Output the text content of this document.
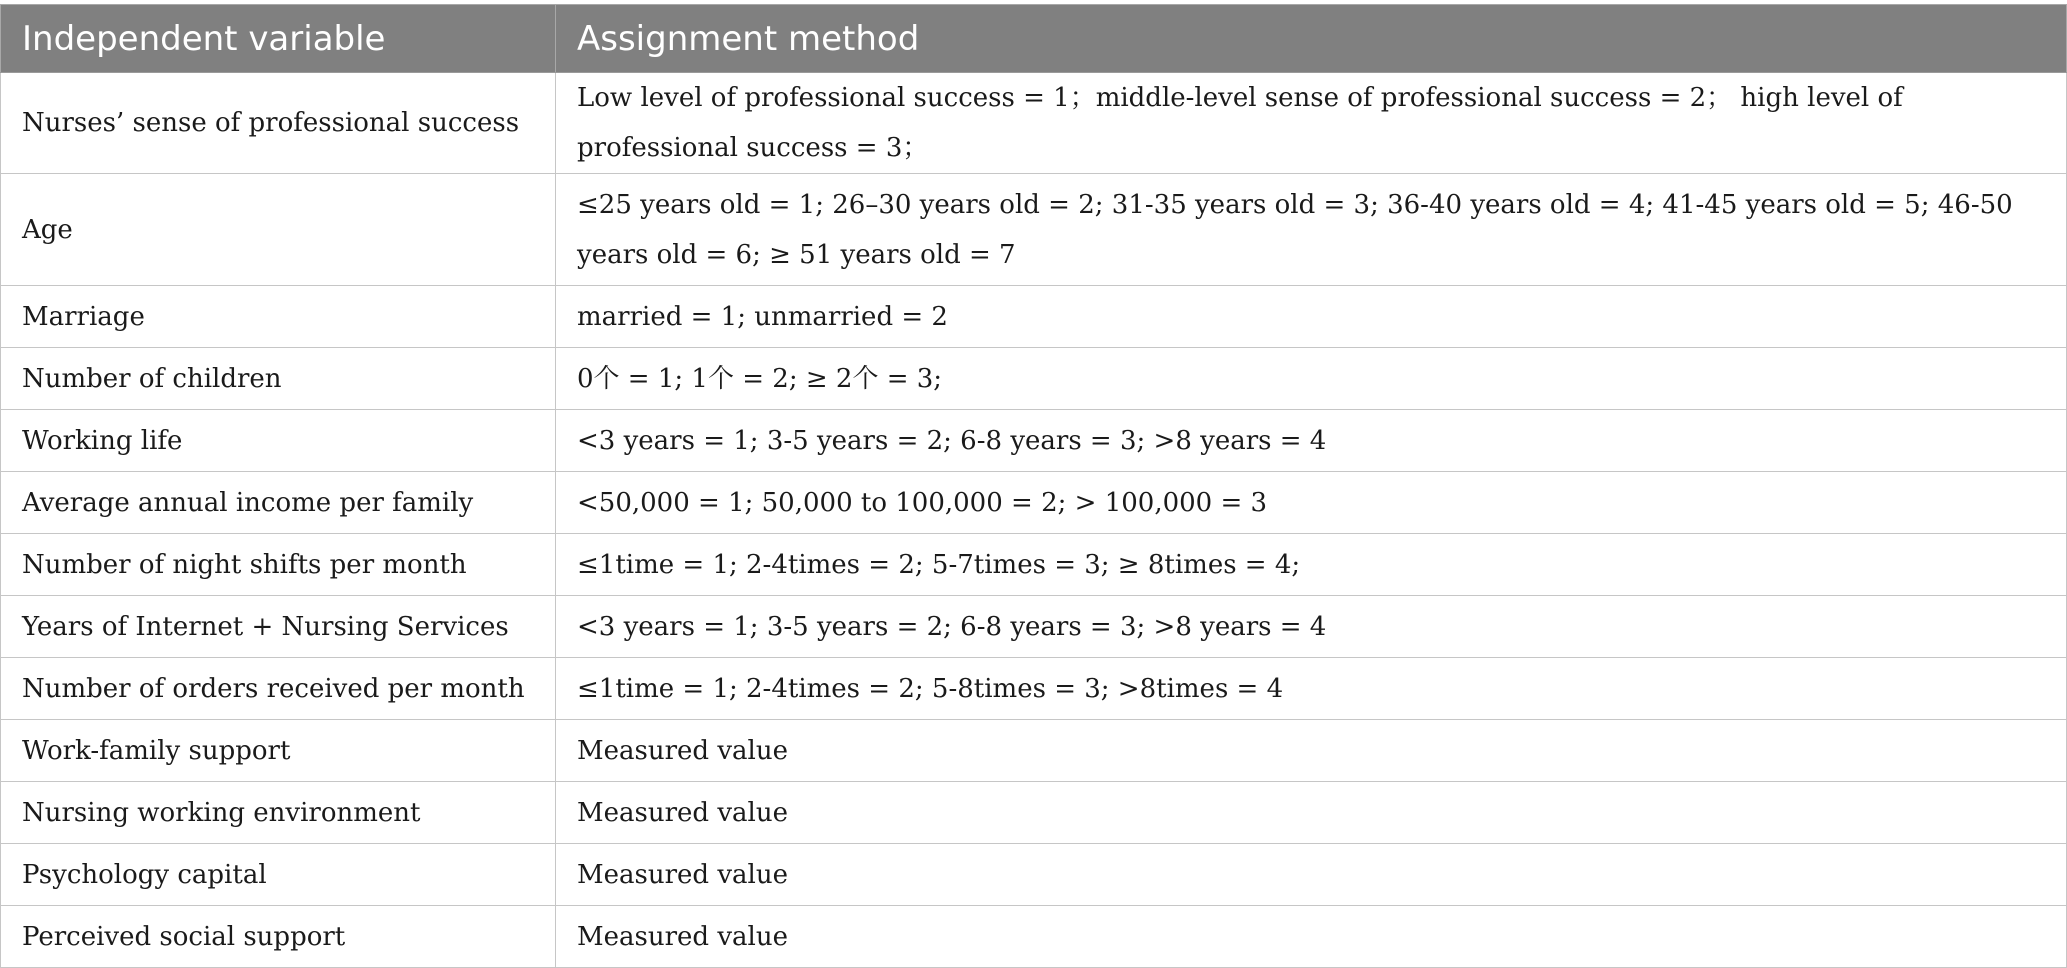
Independent variable	Assignment method
Nurses’ sense of professional success	Low level of professional success = 1；middle-level sense of professional success = 2； high level of professional success = 3；
Age	≤25 years old = 1; 26–30 years old = 2; 31-35 years old = 3; 36-40 years old = 4; 41-45 years old = 5; 46-50 years old = 6; ≥ 51 years old = 7
Marriage	married = 1; unmarried = 2
Number of children	0个 = 1; 1个 = 2; ≥ 2个 = 3;
Working life	<3 years = 1; 3-5 years = 2; 6-8 years = 3; >8 years = 4
Average annual income per family	<50,000 = 1; 50,000 to 100,000 = 2; > 100,000 = 3
Number of night shifts per month	≤1time = 1; 2-4times = 2; 5-7times = 3; ≥ 8times = 4;
Years of Internet + Nursing Services	<3 years = 1; 3-5 years = 2; 6-8 years = 3; >8 years = 4
Number of orders received per month	≤1time = 1; 2-4times = 2; 5-8times = 3; >8times = 4
Work-family support	Measured value
Nursing working environment	Measured value
Psychology capital	Measured value
Perceived social support	Measured value
